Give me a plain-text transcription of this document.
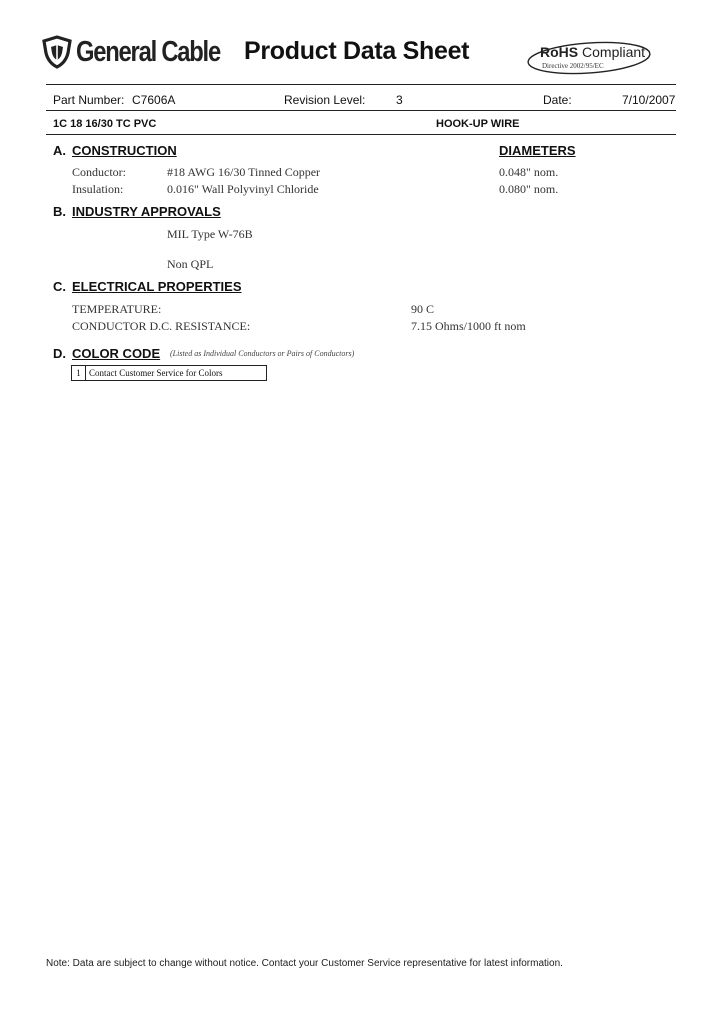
General Cable Product Data Sheet	RoHS Compliant
Directive 2002/95/EC
Part Number: C7606A	Revision Level:	3	Date:	7/10/2007
1C 18 16/30 TC PVC	HOOK-UP WIRE
A. CONSTRUCTION	DIAMETERS
Conductor:	#18 AWG 16/30 Tinned Copper	0.048" nom.
Insulation:	0.016" Wall Polyvinyl Chloride	0.080" nom.
B. INDUSTRY APPROVALS
MIL Type W-76B
Non QPL
C. ELECTRICAL PROPERTIES
TEMPERATURE:	90 C
CONDUCTOR D.C. RESISTANCE:	7.15 Ohms/1000 ft nom
D. COLOR CODE (Listed as Individual Conductors or Pairs of Conductors)
1 Contact Customer Service for Colors
Note: Data are subject to change without notice. Contact your Customer Service representative for latest information.
